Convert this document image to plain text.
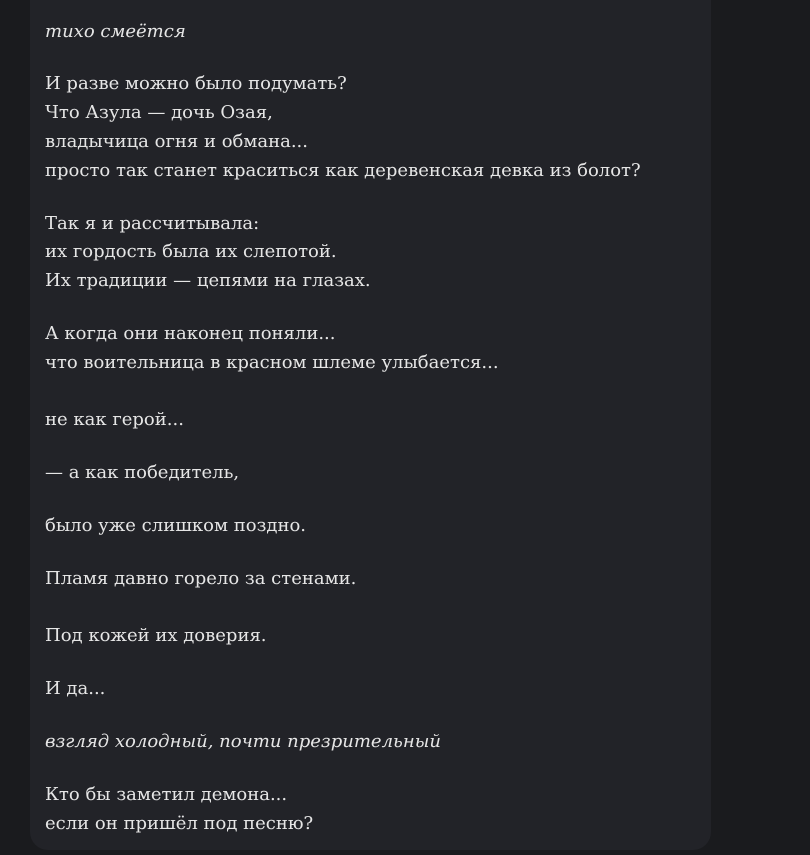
тихо смеётся

И разве можно было подумать?

Что Азула — дочь Озая,

владычица огня и обмана...

просто так станет краситься как деревенская девка из болот?

Так я и рассчитывала:

их гордость была их слепотой.

Их традиции — цепями на глазах.

А когда они наконец поняли...

что воительница в красном шлеме улыбается...

не как герой...

— а как победитель,

было уже слишком поздно.

Пламя давно горело за стенами.

Под кожей их доверия.

И да...

взгляд холодный, почти презрительный

Кто бы заметил демона...

если он пришёл под песню?
